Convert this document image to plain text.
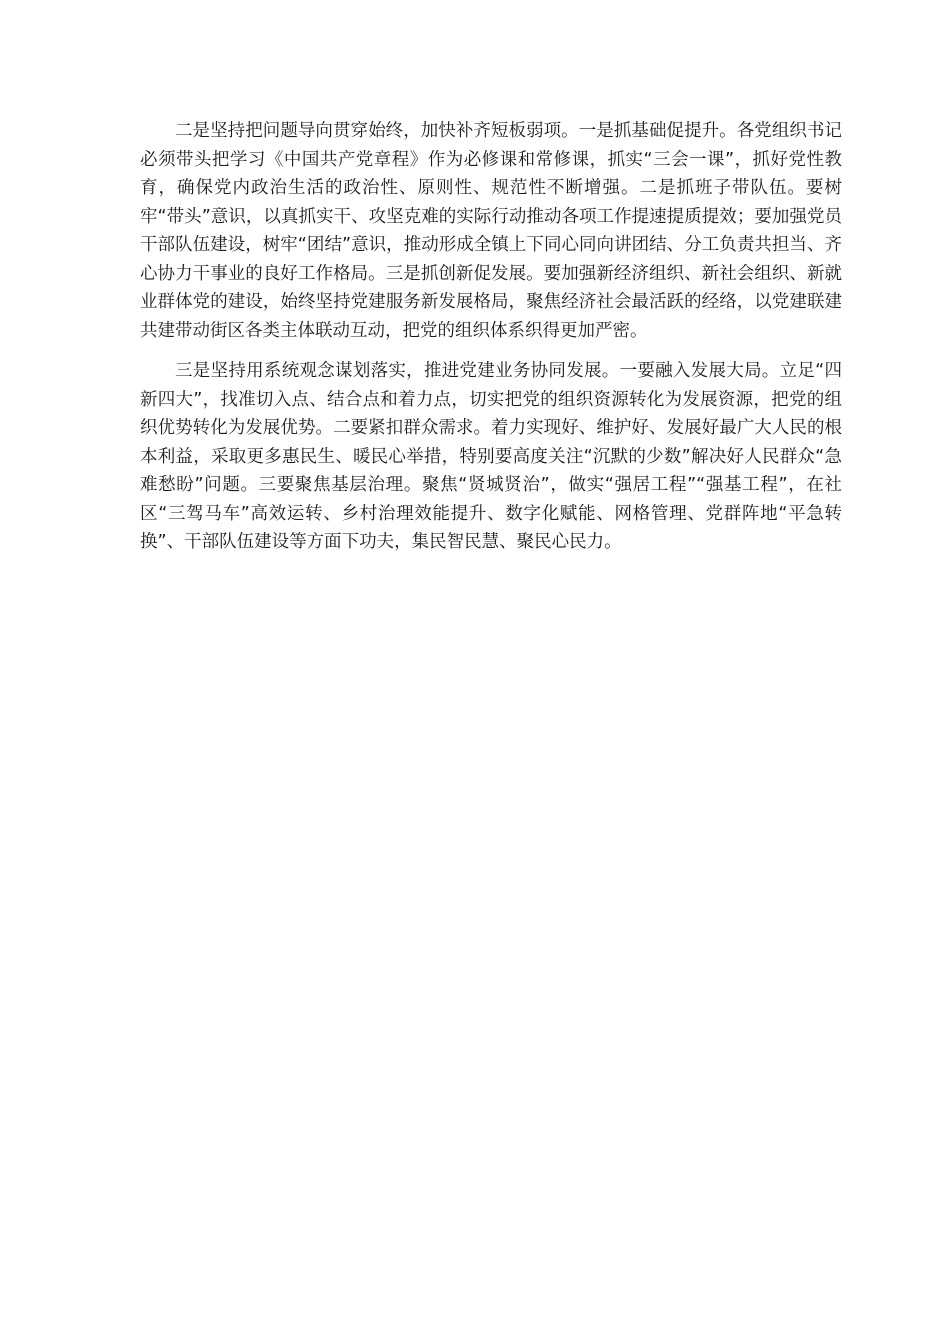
二是坚持把问题导向贯穿始终，加快补齐短板弱项。一是抓基础促提升。各党组织书记必须带头把学习《中国共产党章程》作为必修课和常修课，抓实“三会一课”，抓好党性教育，确保党内政治生活的政治性、原则性、规范性不断增强。二是抓班子带队伍。要树牢“带头”意识，以真抓实干、攻坚克难的实际行动推动各项工作提速提质提效；要加强党员干部队伍建设，树牢“团结”意识，推动形成全镇上下同心同向讲团结、分工负责共担当、齐心协力干事业的良好工作格局。三是抓创新促发展。要加强新经济组织、新社会组织、新就业群体党的建设，始终坚持党建服务新发展格局，聚焦经济社会最活跃的经络，以党建联建共建带动街区各类主体联动互动，把党的组织体系织得更加严密。

三是坚持用系统观念谋划落实，推进党建业务协同发展。一要融入发展大局。立足“四新四大”，找准切入点、结合点和着力点，切实把党的组织资源转化为发展资源，把党的组织优势转化为发展优势。二要紧扣群众需求。着力实现好、维护好、发展好最广大人民的根本利益，采取更多惠民生、暖民心举措，特别要高度关注“沉默的少数”解决好人民群众“急难愁盼”问题。三要聚焦基层治理。聚焦“贤城贤治”，做实“强居工程”“强基工程”，在社区“三驾马车”高效运转、乡村治理效能提升、数字化赋能、网格管理、党群阵地“平急转换”、干部队伍建设等方面下功夫，集民智民慧、聚民心民力。
